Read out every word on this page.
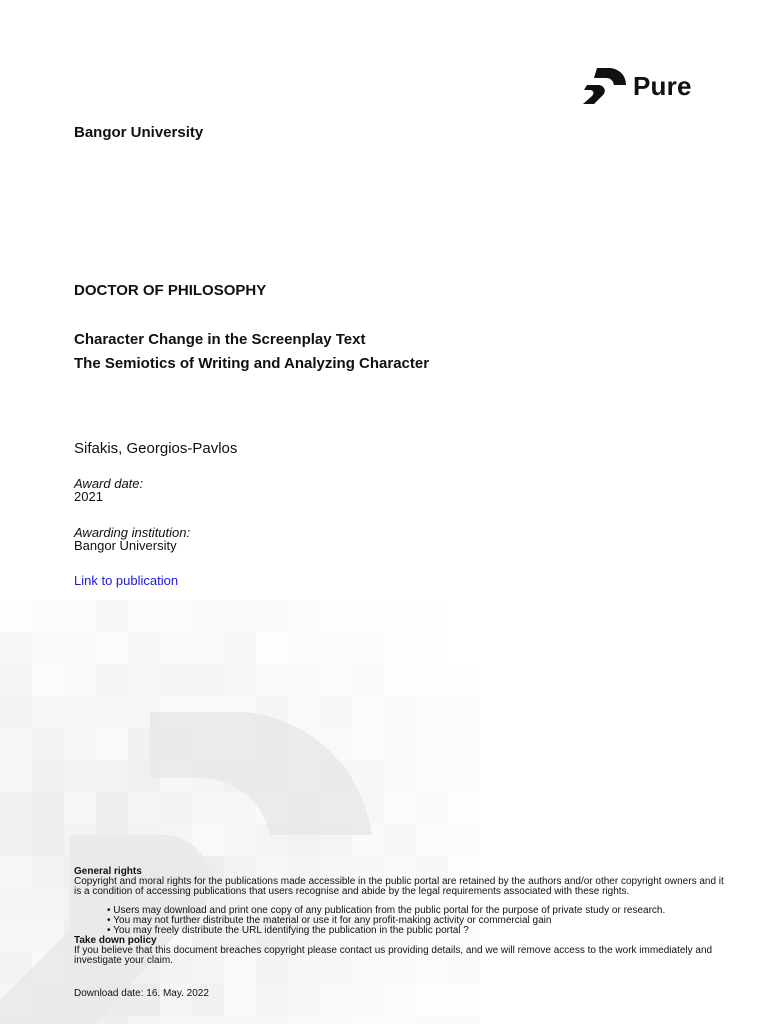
Pure
Bangor University
DOCTOR OF PHILOSOPHY
Character Change in the Screenplay Text
The Semiotics of Writing and Analyzing Character
Sifakis, Georgios-Pavlos
Award date:
2021
Awarding institution:
Bangor University
Link to publication
General rights
Copyright and moral rights for the publications made accessible in the public portal are retained by the authors and/or other copyright owners and it is a condition of accessing publications that users recognise and abide by the legal requirements associated with these rights.
• Users may download and print one copy of any publication from the public portal for the purpose of private study or research.
• You may not further distribute the material or use it for any profit-making activity or commercial gain
• You may freely distribute the URL identifying the publication in the public portal ?
Take down policy
If you believe that this document breaches copyright please contact us providing details, and we will remove access to the work immediately and investigate your claim.
Download date: 16. May. 2022
